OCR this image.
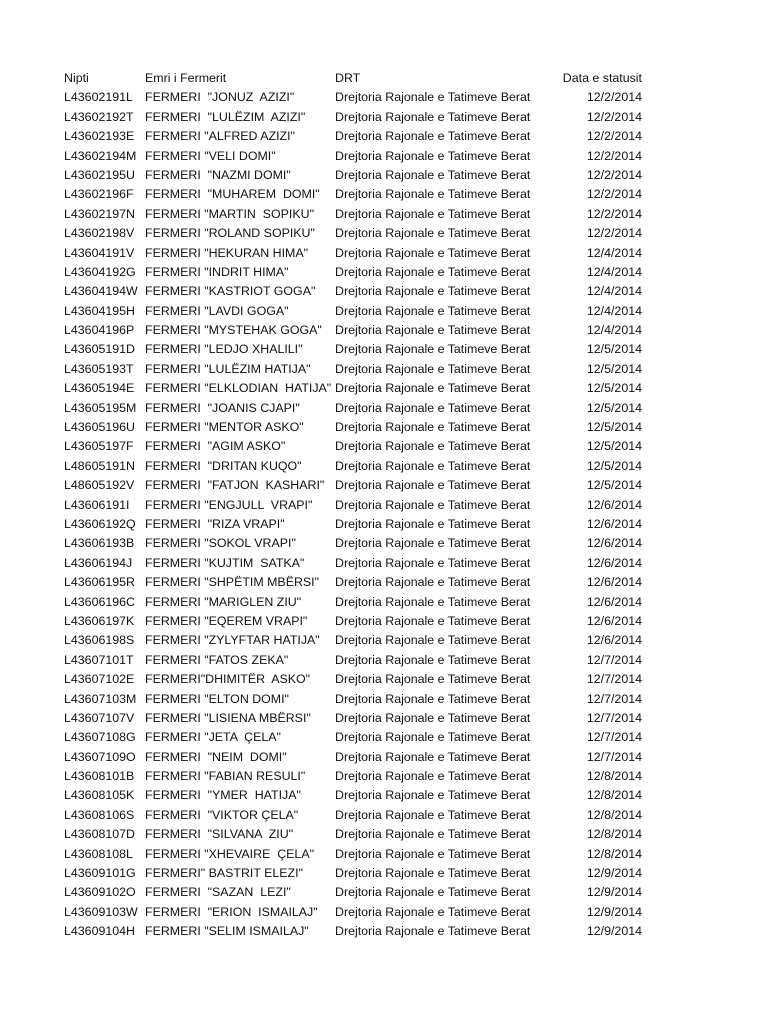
Nipti	Emri i Fermerit	DRT	Data e statusit
L43602191L FERMERI  "JONUZ  AZIZI"	Drejtoria Rajonale e Tatimeve Berat	12/2/2014
L43602192T FERMERI  "LULËZIM  AZIZI" Drejtoria Rajonale e Tatimeve Berat	12/2/2014
L43602193E FERMERI "ALFRED AZIZI"	Drejtoria Rajonale e Tatimeve Berat	12/2/2014
L43602194M FERMERI "VELI DOMI"	Drejtoria Rajonale e Tatimeve Berat	12/2/2014
L43602195U FERMERI  "NAZMI DOMI"	Drejtoria Rajonale e Tatimeve Berat	12/2/2014
L43602196F FERMERI  "MUHAREM  DOMI" Drejtoria Rajonale e Tatimeve Berat	12/2/2014
L43602197N FERMERI "MARTIN  SOPIKU" Drejtoria Rajonale e Tatimeve Berat	12/2/2014
L43602198V FERMERI "ROLAND SOPIKU" Drejtoria Rajonale e Tatimeve Berat	12/2/2014
L43604191V FERMERI "HEKURAN HIMA" Drejtoria Rajonale e Tatimeve Berat	12/4/2014
L43604192G FERMERI "INDRIT HIMA"	Drejtoria Rajonale e Tatimeve Berat	12/4/2014
L43604194W FERMERI "KASTRIOT GOGA" Drejtoria Rajonale e Tatimeve Berat	12/4/2014
L43604195H FERMERI "LAVDI GOGA"	Drejtoria Rajonale e Tatimeve Berat	12/4/2014
L43604196P FERMERI "MYSTEHAK GOGA" Drejtoria Rajonale e Tatimeve Berat	12/4/2014
L43605191D FERMERI "LEDJO XHALILI"	Drejtoria Rajonale e Tatimeve Berat	12/5/2014
L43605193T FERMERI "LULËZIM HATIJA" Drejtoria Rajonale e Tatimeve Berat	12/5/2014
L43605194E FERMERI "ELKLODIAN  HATIJA" Drejtoria Rajonale e Tatimeve Berat	12/5/2014
L43605195M FERMERI  "JOANIS CJAPI"	Drejtoria Rajonale e Tatimeve Berat	12/5/2014
L43605196U FERMERI "MENTOR ASKO"	Drejtoria Rajonale e Tatimeve Berat	12/5/2014
L43605197F FERMERI  "AGIM ASKO"	Drejtoria Rajonale e Tatimeve Berat	12/5/2014
L48605191N FERMERI  "DRITAN KUQO"	Drejtoria Rajonale e Tatimeve Berat	12/5/2014
L48605192V FERMERI  "FATJON  KASHARI" Drejtoria Rajonale e Tatimeve Berat	12/5/2014
L43606191I FERMERI "ENGJULL  VRAPI" Drejtoria Rajonale e Tatimeve Berat	12/6/2014
L43606192Q FERMERI  "RIZA VRAPI"	Drejtoria Rajonale e Tatimeve Berat	12/6/2014
L43606193B FERMERI "SOKOL VRAPI"	Drejtoria Rajonale e Tatimeve Berat	12/6/2014
L43606194J FERMERI "KUJTIM  SATKA" Drejtoria Rajonale e Tatimeve Berat	12/6/2014
L43606195R FERMERI "SHPËTIM MBËRSI" Drejtoria Rajonale e Tatimeve Berat	12/6/2014
L43606196C FERMERI "MARIGLEN ZIU"	Drejtoria Rajonale e Tatimeve Berat	12/6/2014
L43606197K FERMERI "EQEREM VRAPI" Drejtoria Rajonale e Tatimeve Berat	12/6/2014
L43606198S FERMERI "ZYLYFTAR HATIJA" Drejtoria Rajonale e Tatimeve Berat	12/6/2014
L43607101T FERMERI "FATOS ZEKA"	Drejtoria Rajonale e Tatimeve Berat	12/7/2014
L43607102E FERMERI"DHIMITËR  ASKO" Drejtoria Rajonale e Tatimeve Berat	12/7/2014
L43607103M FERMERI "ELTON DOMI"	Drejtoria Rajonale e Tatimeve Berat	12/7/2014
L43607107V FERMERI "LISIENA MBËRSI" Drejtoria Rajonale e Tatimeve Berat	12/7/2014
L43607108G FERMERI "JETA  ÇELA"	Drejtoria Rajonale e Tatimeve Berat	12/7/2014
L43607109O FERMERI  "NEIM  DOMI"	Drejtoria Rajonale e Tatimeve Berat	12/7/2014
L43608101B FERMERI "FABIAN RESULI" Drejtoria Rajonale e Tatimeve Berat	12/8/2014
L43608105K FERMERI  "YMER  HATIJA"	Drejtoria Rajonale e Tatimeve Berat	12/8/2014
L43608106S FERMERI  "VIKTOR ÇELA"	Drejtoria Rajonale e Tatimeve Berat	12/8/2014
L43608107D FERMERI  "SILVANA  ZIU"	Drejtoria Rajonale e Tatimeve Berat	12/8/2014
L43608108L FERMERI "XHEVAIRE  ÇELA" Drejtoria Rajonale e Tatimeve Berat	12/8/2014
L43609101G FERMERI" BASTRIT ELEZI"	Drejtoria Rajonale e Tatimeve Berat	12/9/2014
L43609102O FERMERI  "SAZAN  LEZI"	Drejtoria Rajonale e Tatimeve Berat	12/9/2014
L43609103W FERMERI  "ERION  ISMAILAJ" Drejtoria Rajonale e Tatimeve Berat	12/9/2014
L43609104H FERMERI "SELIM ISMAILAJ" Drejtoria Rajonale e Tatimeve Berat	12/9/2014
